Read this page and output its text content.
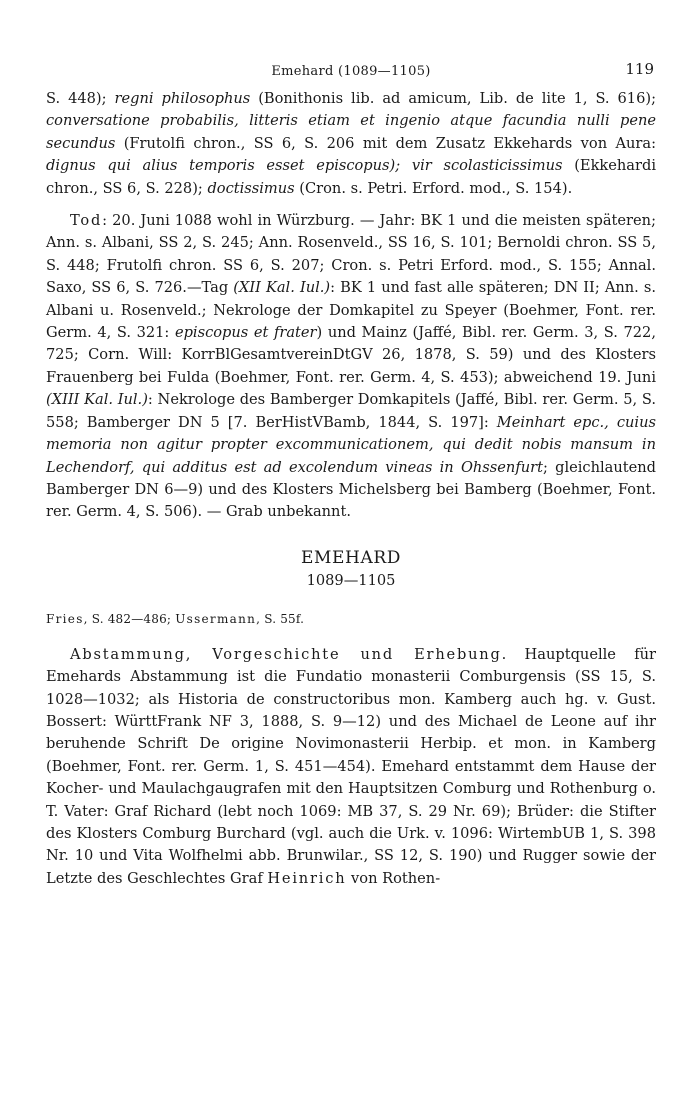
Emehard (1089—1105)	119

S. 448); regni philosophus (Bonithonis lib. ad amicum, Lib. de lite 1, S. 616); conversatione probabilis, litteris etiam et ingenio atque facundia nulli pene secundus (Frutolfi chron., SS 6, S. 206 mit dem Zusatz Ekkehards von Aura: dignus qui alius temporis esset episcopus); vir scolasticissimus (Ekkehardi chron., SS 6, S. 228); doctissimus (Cron. s. Petri. Erford. mod., S. 154).

Tod: 20. Juni 1088 wohl in Würzburg. — Jahr: BK 1 und die meisten späteren; Ann. s. Albani, SS 2, S. 245; Ann. Rosenveld., SS 16, S. 101; Bernoldi chron. SS 5, S. 448; Frutolfi chron. SS 6, S. 207; Cron. s. Petri Erford. mod., S. 155; Annal. Saxo, SS 6, S. 726.—Tag (XII Kal. Iul.): BK 1 und fast alle späteren; DN II; Ann. s. Albani u. Rosenveld.; Nekrologe der Domkapitel zu Speyer (Boehmer, Font. rer. Germ. 4, S. 321: episcopus et frater) und Mainz (Jaffé, Bibl. rer. Germ. 3, S. 722, 725; Corn. Will: KorrBlGesamtvereinDtGV 26, 1878, S. 59) und des Klosters Frauenberg bei Fulda (Boehmer, Font. rer. Germ. 4, S. 453); abweichend 19. Juni (XIII Kal. Iul.): Nekrologe des Bamberger Domkapitels (Jaffé, Bibl. rer. Germ. 5, S. 558; Bamberger DN 5 [7. BerHistVBamb, 1844, S. 197]: Meinhart epc., cuius memoria non agitur propter excommunicationem, qui dedit nobis mansum in Lechendorf, qui additus est ad excolendum vineas in Ohssenfurt; gleichlautend Bamberger DN 6—9) und des Klosters Michelsberg bei Bamberg (Boehmer, Font. rer. Germ. 4, S. 506). — Grab unbekannt.

EMEHARD
1089—1105
Fries, S. 482—486; Ussermann, S. 55f.

Abstammung, Vorgeschichte und Erhebung. Hauptquelle für Emehards Abstammung ist die Fundatio monasterii Comburgensis (SS 15, S. 1028—1032; als Historia de constructoribus mon. Kamberg auch hg. v. Gust. Bossert: WürttFrank NF 3, 1888, S. 9—12) und des Michael de Leone auf ihr beruhende Schrift De origine Novimonasterii Herbip. et mon. in Kamberg (Boehmer, Font. rer. Germ. 1, S. 451—454). Emehard entstammt dem Hause der Kocher- und Maulachgaugrafen mit den Hauptsitzen Comburg und Rothenburg o. T. Vater: Graf Richard (lebt noch 1069: MB 37, S. 29 Nr. 69); Brüder: die Stifter des Klosters Comburg Burchard (vgl. auch die Urk. v. 1096: WirtembUB 1, S. 398 Nr. 10 und Vita Wolfhelmi abb. Brunwilar., SS 12, S. 190) und Rugger sowie der Letzte des Geschlechtes Graf Heinrich von Rothen-
